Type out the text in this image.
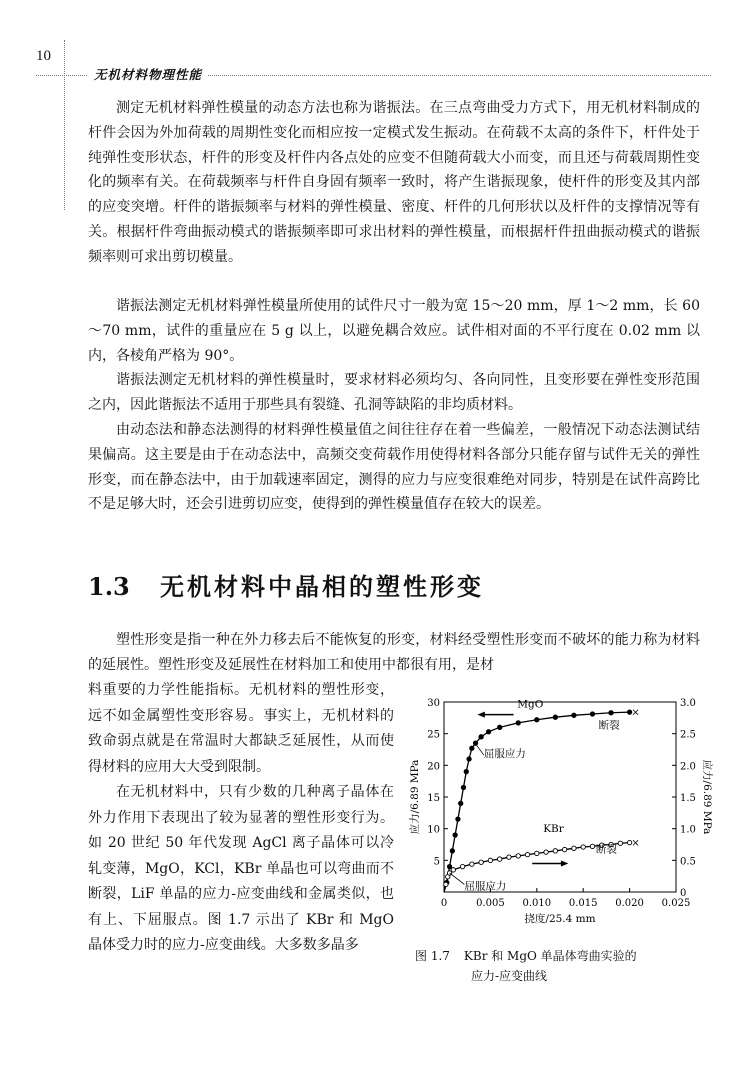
10
无机材料物理性能

测定无机材料弹性模量的动态方法也称为谐振法。在三点弯曲受力方式下，用无机材料制成的杆件会因为外加荷载的周期性变化而相应按一定模式发生振动。在荷载不太高的条件下，杆件处于纯弹性变形状态，杆件的形变及杆件内各点处的应变不但随荷载大小而变，而且还与荷载周期性变化的频率有关。在荷载频率与杆件自身固有频率一致时，将产生谐振现象，使杆件的形变及其内部的应变突增。杆件的谐振频率与材料的弹性模量、密度、杆件的几何形状以及杆件的支撑情况等有关。根据杆件弯曲振动模式的谐振频率即可求出材料的弹性模量，而根据杆件扭曲振动模式的谐振频率则可求出剪切模量。

谐振法测定无机材料弹性模量所使用的试件尺寸一般为宽 15～20 mm，厚 1～2 mm，长 60～70 mm，试件的重量应在 5 g 以上，以避免耦合效应。试件相对面的不平行度在 0.02 mm 以内，各棱角严格为 90°。

谐振法测定无机材料的弹性模量时，要求材料必须均匀、各向同性，且变形要在弹性变形范围之内，因此谐振法不适用于那些具有裂缝、孔洞等缺陷的非均质材料。

由动态法和静态法测得的材料弹性模量值之间往往存在着一些偏差，一般情况下动态法测试结果偏高。这主要是由于在动态法中，高频交变荷载作用使得材料各部分只能存留与试件无关的弹性形变，而在静态法中，由于加载速率固定，测得的应力与应变很难绝对同步，特别是在试件高跨比不是足够大时，还会引进剪切应变，使得到的弹性模量值存在较大的误差。

1.3 无机材料中晶相的塑性形变

塑性形变是指一种在外力移去后不能恢复的形变，材料经受塑性形变而不破坏的能力称为材料的延展性。塑性形变及延展性在材料加工和使用中都很有用，是材

料重要的力学性能指标。无机材料的塑性形变，远不如金属塑性变形容易。事实上，无机材料的致命弱点就是在常温时大都缺乏延展性，从而使得材料的应用大大受到限制。
在无机材料中，只有少数的几种离子晶体在外力作用下表现出了较为显著的塑性形变行为。如 20 世纪 50 年代发现 AgCl 离子晶体可以冷轧变薄，MgO，KCl，KBr 单晶也可以弯曲而不断裂，LiF 单晶的应力-应变曲线和金属类似，也有上、下屈服点。图 1.7 示出了 KBr 和 MgO 晶体受力时的应力-应变曲线。大多数多晶多
0	0.005 0.010 0.015 0.020 0.025
5
10
15
20
25
30
0
0.5
1.0
1.5
2.0
2.5
3.0
挠度/25.4 mm
应力/6.89 MPa	应力/6.89 MPa
MgO
×
断裂
屈服应力
KBr
×
断裂
屈服应力
图 1.7 KBr 和 MgO 单晶体弯曲实验的
应力-应变曲线
